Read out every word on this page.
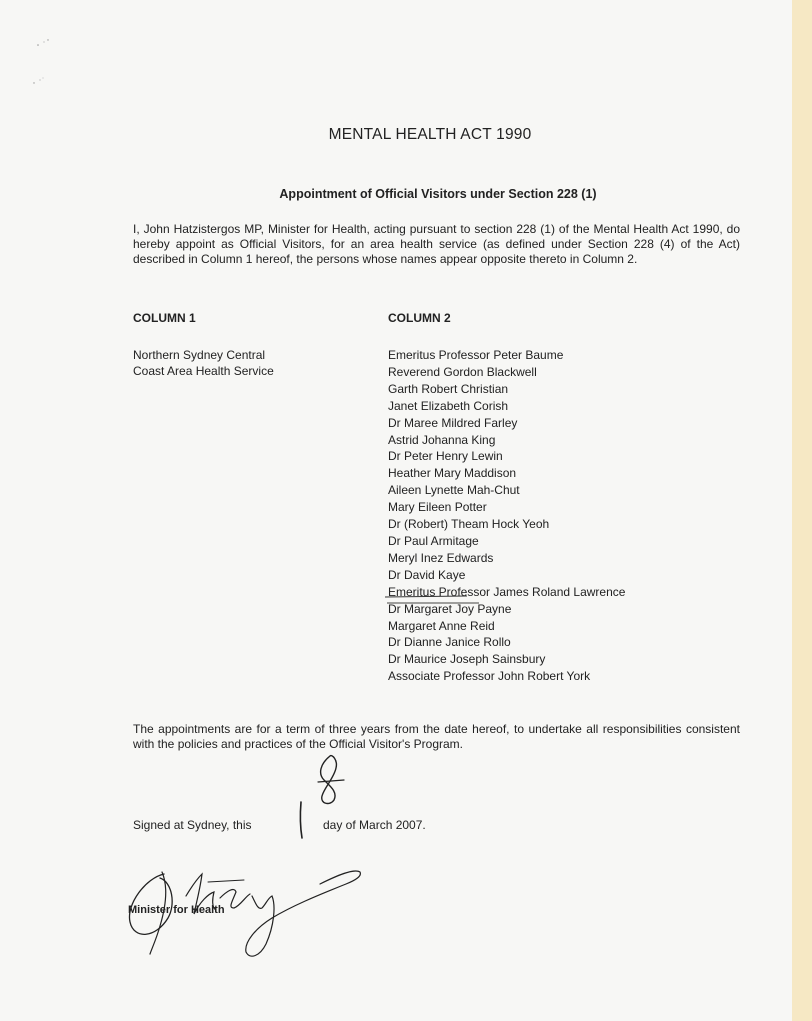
MENTAL HEALTH ACT 1990
Appointment of Official Visitors under Section 228 (1)
I, John Hatzistergos MP, Minister for Health, acting pursuant to section 228 (1) of the Mental Health Act 1990, do hereby appoint as Official Visitors, for an area health service (as defined under Section 228 (4) of the Act) described in Column 1 hereof, the persons whose names appear opposite thereto in Column 2.
COLUMN 1	COLUMN 2
Northern Sydney Central
Coast Area Health Service
Emeritus Professor Peter Baume
Reverend Gordon Blackwell
Garth Robert Christian
Janet Elizabeth Corish
Dr Maree Mildred Farley
Astrid Johanna King
Dr Peter Henry Lewin
Heather Mary Maddison
Aileen Lynette Mah-Chut
Mary Eileen Potter
Dr (Robert) Theam Hock Yeoh
Dr Paul Armitage
Meryl Inez Edwards
Dr David Kaye
Emeritus Professor James Roland Lawrence
Dr Margaret Joy Payne
Margaret Anne Reid
Dr Dianne Janice Rollo
Dr Maurice Joseph Sainsbury
Associate Professor John Robert York
The appointments are for a term of three years from the date hereof, to undertake all responsibilities consistent with the policies and practices of the Official Visitor's Program.
Signed at Sydney, this	day of March 2007.
Minister for Health
